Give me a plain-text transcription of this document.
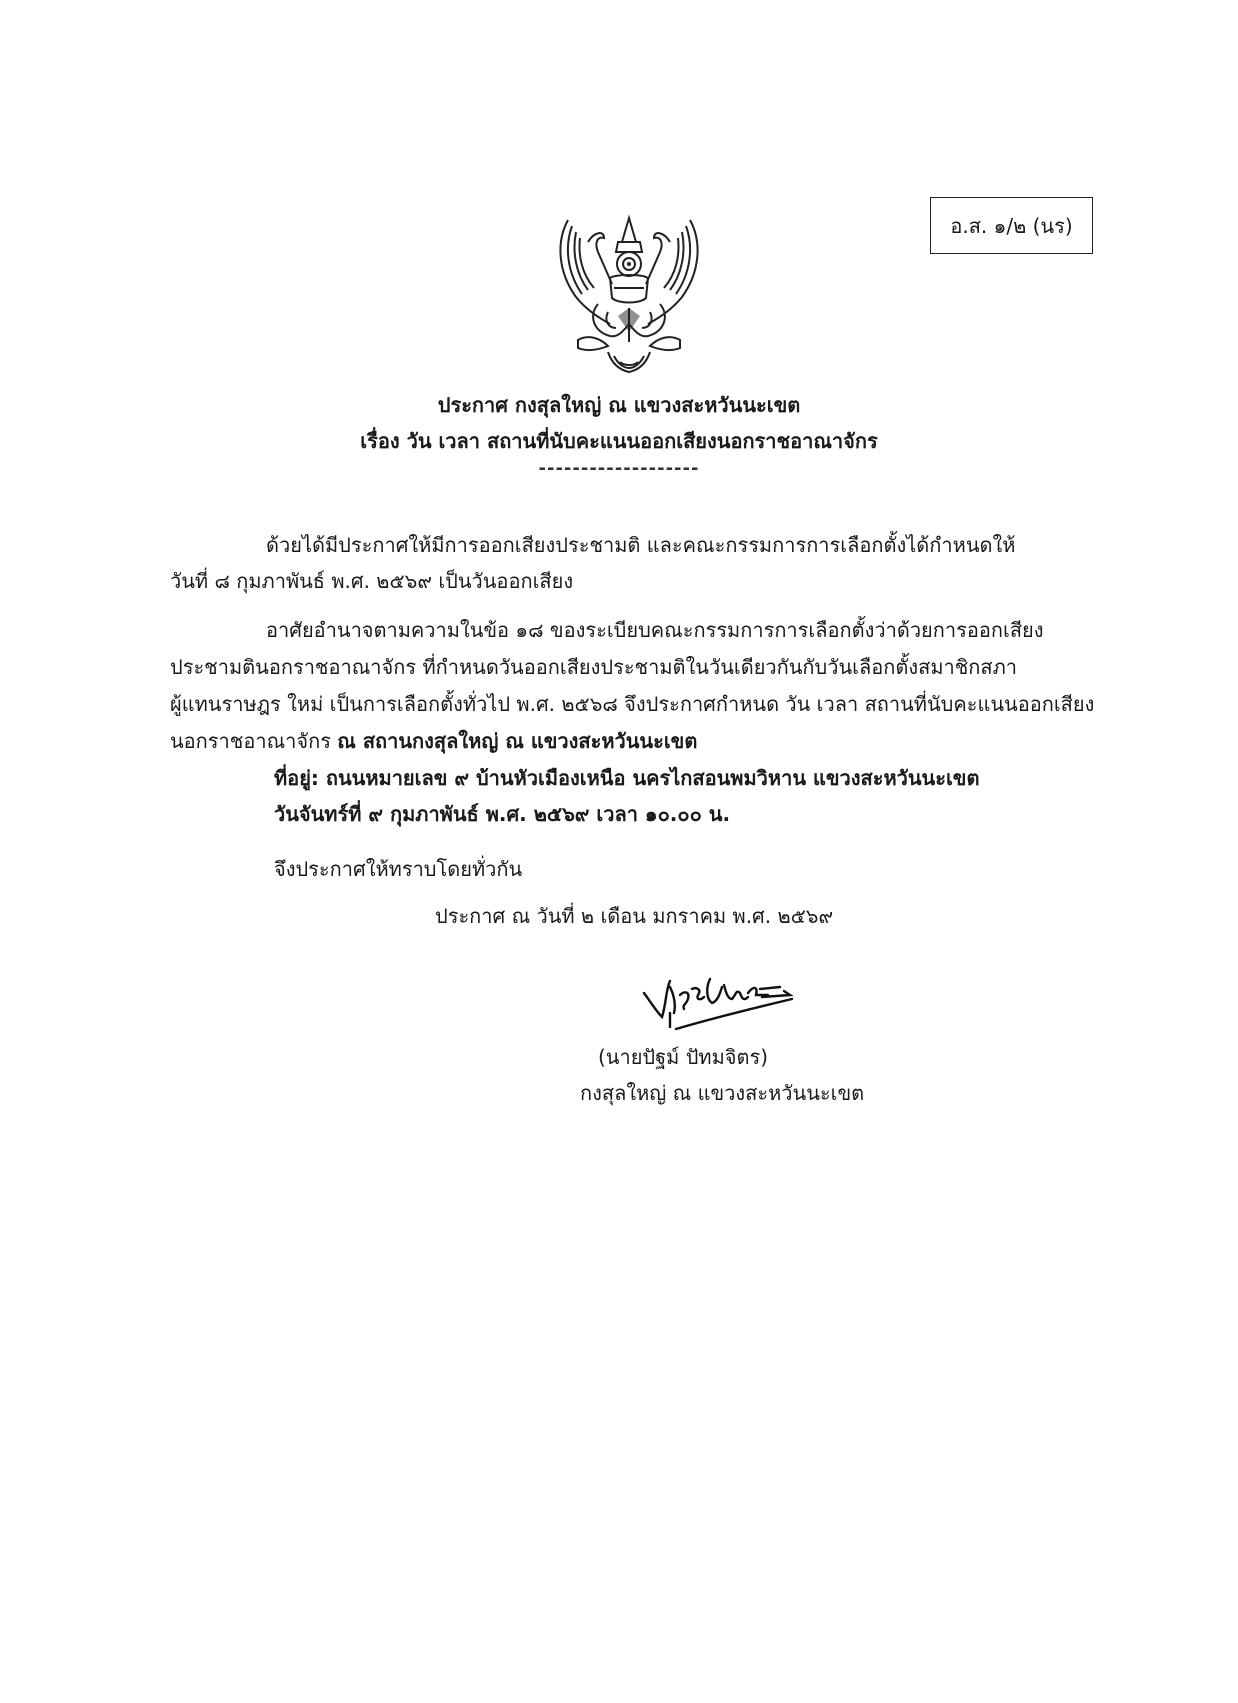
อ.ส. ๑/๒ (นร)
ประกาศ กงสุลใหญ่ ณ แขวงสะหวันนะเขต
เรื่อง วัน เวลา สถานที่นับคะแนนออกเสียงนอกราชอาณาจักร
-------------------
ด้วยได้มีประกาศให้มีการออกเสียงประชามติ และคณะกรรมการการเลือกตั้งได้กำหนดให้
วันที่ ๘ กุมภาพันธ์ พ.ศ. ๒๕๖๙ เป็นวันออกเสียง
อาศัยอำนาจตามความในข้อ ๑๘ ของระเบียบคณะกรรมการการเลือกตั้งว่าด้วยการออกเสียง
ประชามตินอกราชอาณาจักร ที่กำหนดวันออกเสียงประชามติในวันเดียวกันกับวันเลือกตั้งสมาชิกสภา
ผู้แทนราษฎร ใหม่ เป็นการเลือกตั้งทั่วไป พ.ศ. ๒๕๖๘ จึงประกาศกำหนด วัน เวลา สถานที่นับคะแนนออกเสียง
นอกราชอาณาจักร ณ สถานกงสุลใหญ่ ณ แขวงสะหวันนะเขต
ที่อยู่: ถนนหมายเลข ๙ บ้านหัวเมืองเหนือ นครไกสอนพมวิหาน แขวงสะหวันนะเขต
วันจันทร์ที่ ๙ กุมภาพันธ์ พ.ศ. ๒๕๖๙ เวลา ๑๐.๐๐ น.
จึงประกาศให้ทราบโดยทั่วกัน
ประกาศ ณ วันที่ ๒ เดือน มกราคม พ.ศ. ๒๕๖๙
(นายปัฐม์ ปัทมจิตร)
กงสุลใหญ่ ณ แขวงสะหวันนะเขต
